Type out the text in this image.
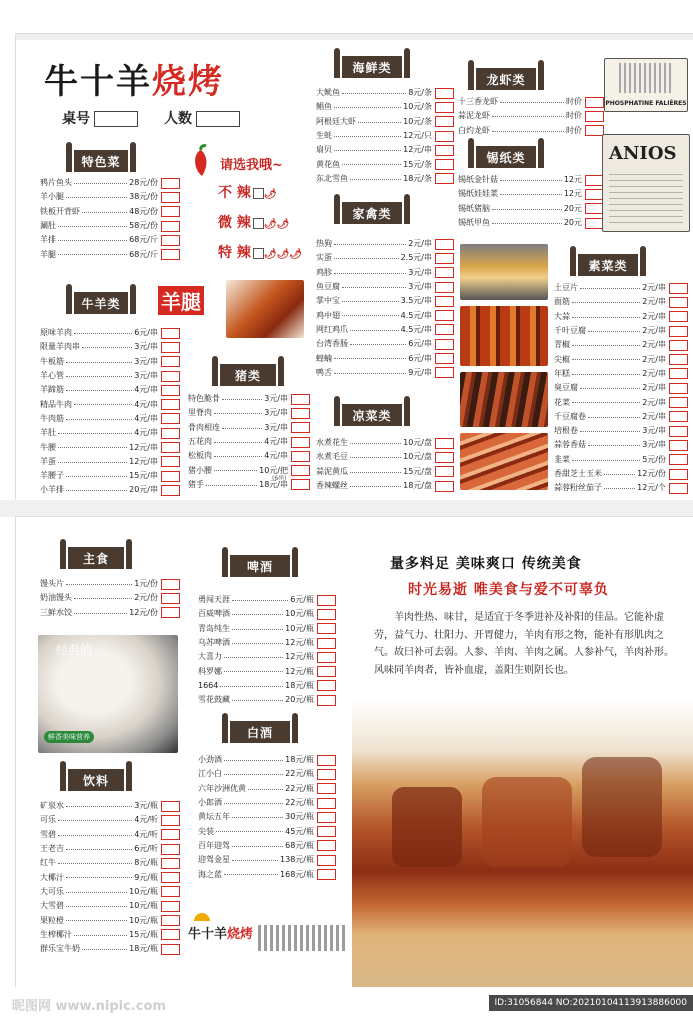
牛十羊烧烤
桌号	人数
特色菜
鸦片鱼头	28元/份
羊小腿	38元/份
铁板开背虾	48元/份
涮肚	58元/份
羊排	68元/斤
羊腿	68元/斤
请选我哦~
不 辣 🌶
微 辣 🌶🌶
特 辣 🌶🌶🌶
牛羊类	羊腿
原味羊肉	6元/串
限量羊肉串	3元/串
牛板筋	3元/串
羊心管	3元/串
羊蹄筋	4元/串
精品牛肉	4元/串
牛肉筋	4元/串
羊肚	4元/串
牛腰	12元/串
羊蛋	12元/串
羊腰子	15元/串
小羊排	20元/串
猪类
特色脆骨	3元/串
里脊肉	3元/串
骨肉相连	3元/串
五花肉	4元/串
松板肉	4元/串
猪小腰	10元/把
猪手	18元/串
(6串)
海鲜类
大鱿鱼	8元/条
鲳鱼	10元/条
阿根廷大虾	10元/条
生蚝	12元/只
扇贝	12元/串
黄花鱼	15元/条
东北雪鱼	18元/条
家禽类
热狗	2元/串
实蛋	2.5元/串
鸡胗	3元/串
鱼豆腐	3元/串
掌中宝	3.5元/串
鸡中翅	4.5元/串
网红鸡爪	4.5元/串
台湾香肠	6元/串
蝗蝻	6元/串
鸭舌	9元/串
凉菜类
水煮花生	10元/盘
水煮毛豆	10元/盘
蒜泥黄瓜	15元/盘
香辣螺丝	18元/盘
龙虾类
十三香龙虾	时价
蒜泥龙虾	时价
白灼龙虾	时价
锡纸类
锡纸金针菇	12元
锡纸娃娃菜	12元
锡纸猪脑	20元
锡纸甲鱼	20元
PHOSPHATINE FALIÈRES
ANIOS
素菜类
土豆片	2元/串
面筋	2元/串
大蒜	2元/串
千叶豆腐	2元/串
青椒	2元/串
尖椒	2元/串
年糕	2元/串
臭豆腐	2元/串
花菜	2元/串
千豆腐卷	2元/串
培根卷	3元/串
蒜蓉香菇	3元/串
韭菜	5元/份
香甜芝士玉米	12元/份
蒜蓉粉丝茄子	12元/个
主食
馒头片	1元/份
奶油馒头	2元/份
三鲜水饺	12元/份
经典的
鲜香美味营养
饮料
矿泉水	3元/瓶
可乐	4元/听
雪碧	4元/听
王老吉	6元/听
红牛	8元/瓶
大椰汁	9元/瓶
大可乐	10元/瓶
大雪碧	10元/瓶
果粒橙	10元/瓶
生榨椰汁	15元/瓶
群乐宝牛奶	18元/瓶
啤酒
勇闯天涯	6元/瓶
百威啤酒	10元/瓶
青岛纯生	10元/瓶
乌苏啤酒	12元/瓶
大喜力	12元/瓶
科罗娜	12元/瓶
1664	18元/瓶
雪花鼓藏	20元/瓶
白酒
小劲酒	18元/瓶
江小白	22元/瓶
六年沙洲优黄	22元/瓶
小郎酒	22元/瓶
黄坛五年	30元/瓶
尖装	45元/瓶
百年迎驾	68元/瓶
迎驾金星	138元/瓶
海之蓝	168元/瓶
牛十羊烧烤
量多料足 美味爽口 传统美食
时光易逝 唯美食与爱不可辜负
羊肉性热、味甘，是适宜于冬季进补及补阳的佳品。它能补虚劳，益气力、壮阳力、开胃健力，羊肉有形之物，能补有形肌肉之气。故曰补可去弱。人参、羊肉、羊肉之属。人参补气，羊肉补形。风味同羊肉者，皆补血虚，盖阳生则阴长也。
昵图网 www.nipic.com	ID:31056844 NO:20210104113913886000
